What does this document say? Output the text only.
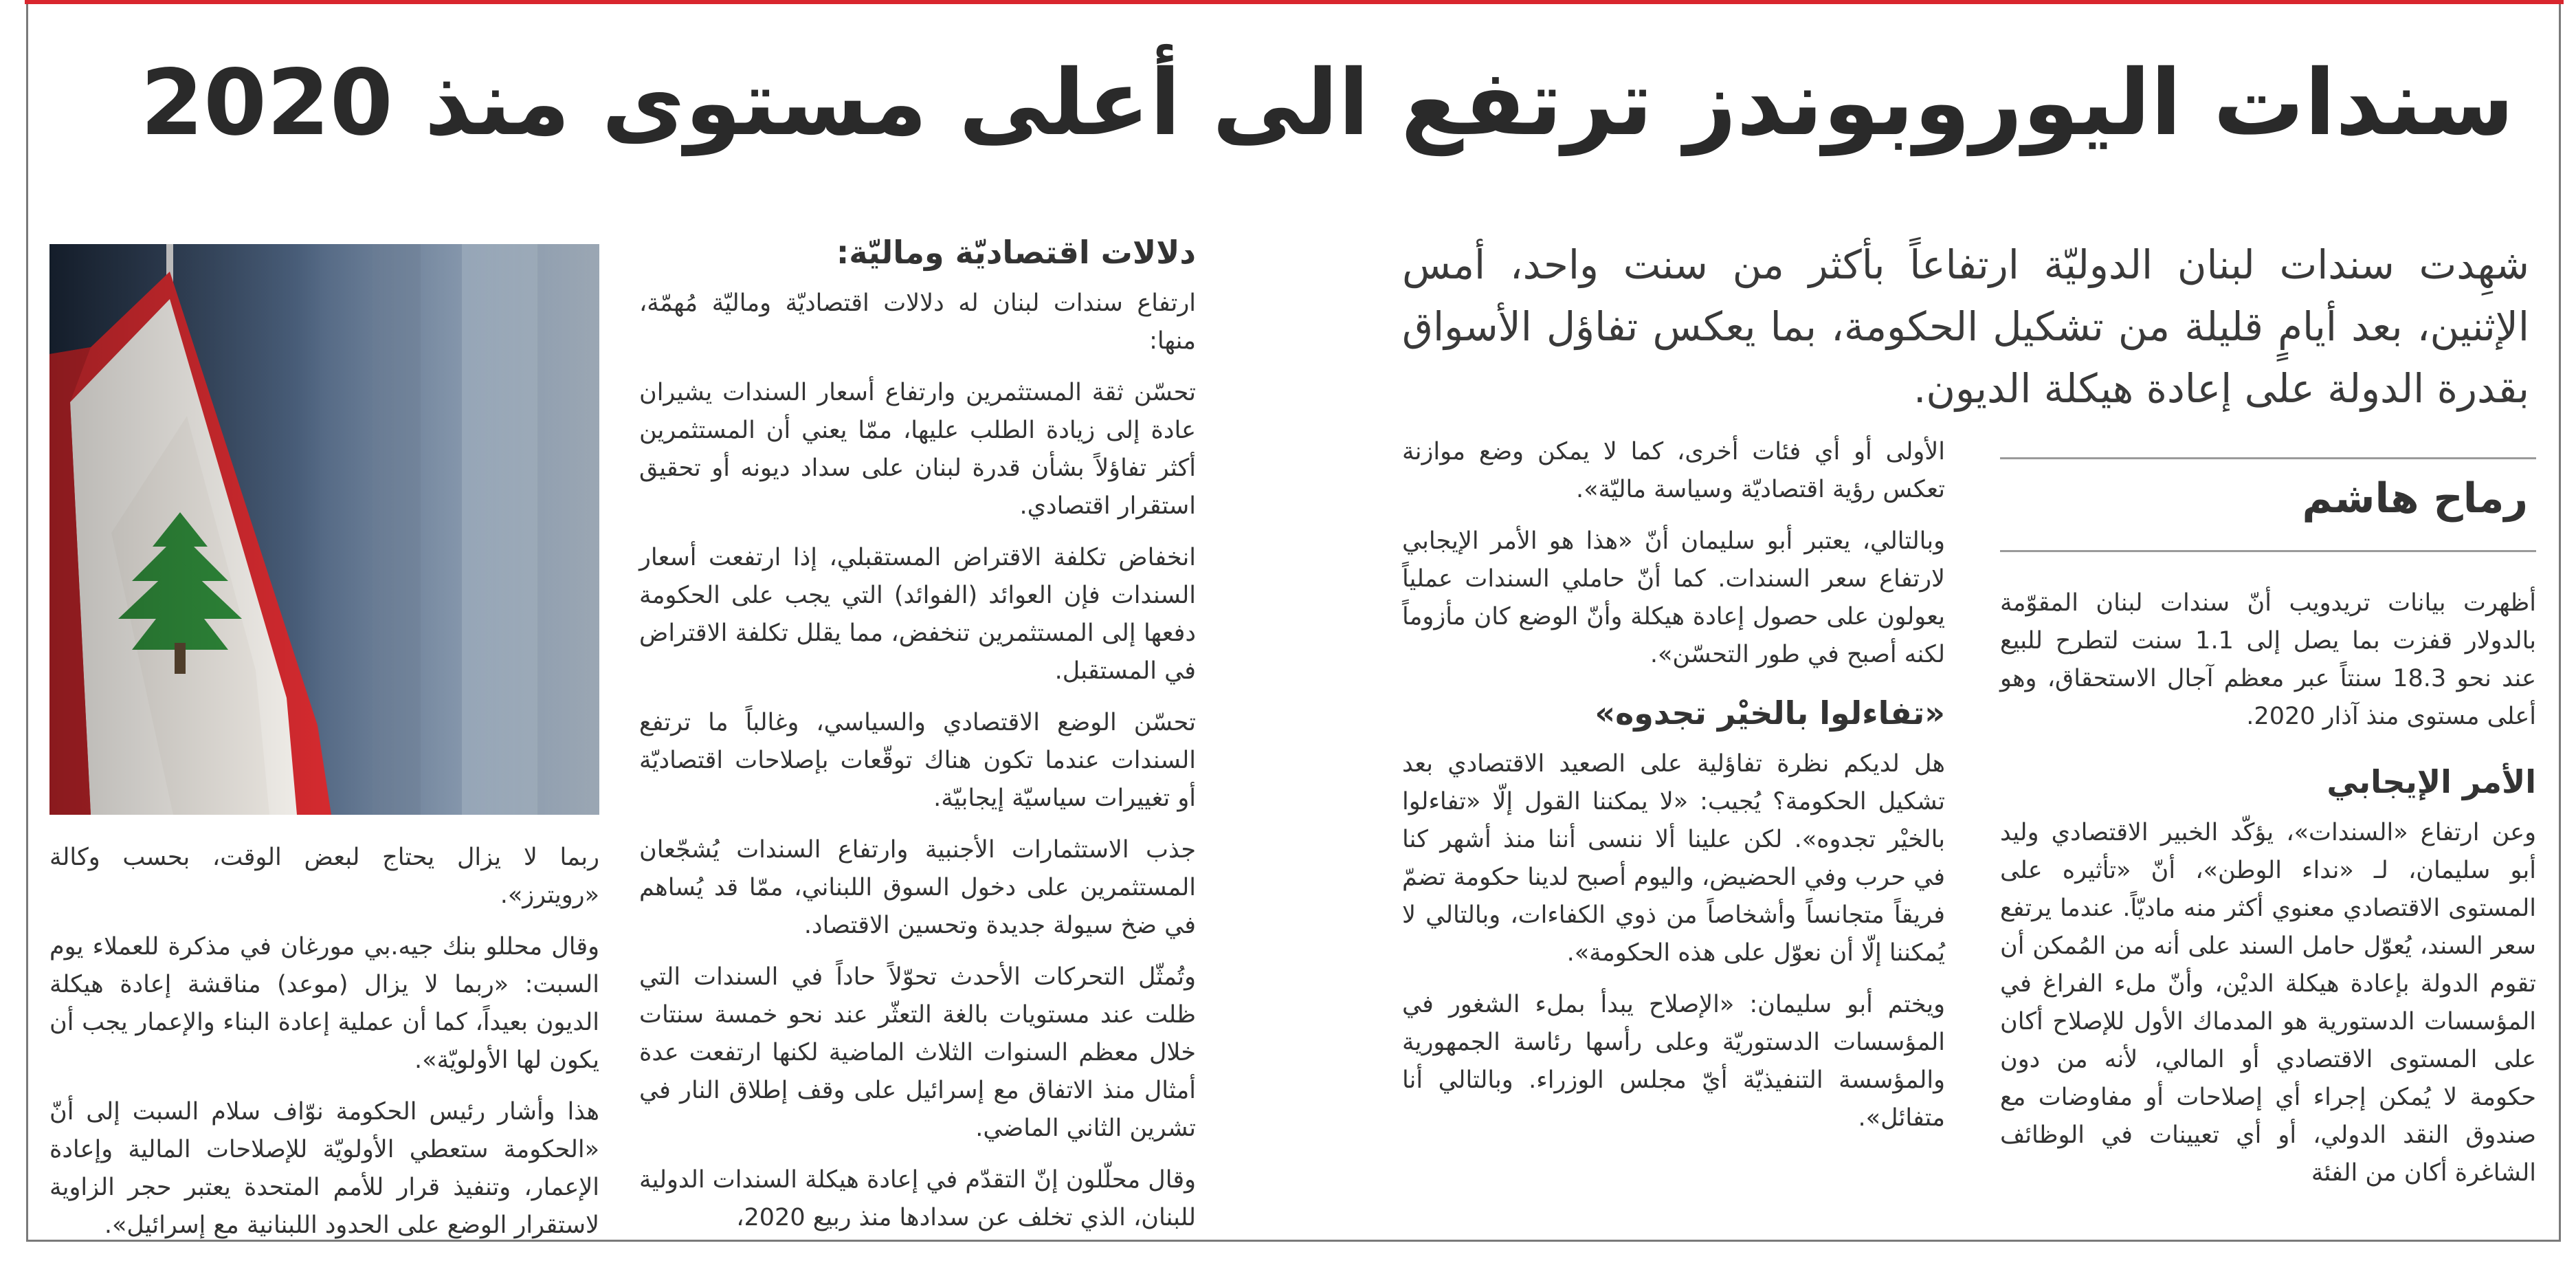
سندات اليوروبوندز ترتفع الى أعلى مستوى منذ 2020

شهِدت سندات لبنان الدوليّة ارتفاعاً بأكثر من سنت واحد، أمس الإثنين، بعد أيامٍ قليلة من تشكيل الحكومة، بما يعكس تفاؤل الأسواق بقدرة الدولة على إعادة هيكلة الديون.

رماح هاشم

أظهرت بيانات تريدويب أنّ سندات لبنان المقوّمة بالدولار قفزت بما يصل إلى 1.1 سنت لتطرح للبيع عند نحو 18.3 سنتاً عبر معظم آجال الاستحقاق، وهو أعلى مستوى منذ آذار 2020.

الأمر الإيجابي

وعن ارتفاع «السندات»، يؤكّد الخبير الاقتصادي وليد أبو سليمان، لـ «نداء الوطن»، أنّ «تأثيره على المستوى الاقتصادي معنوي أكثر منه ماديّاً. عندما يرتفع سعر السند، يُعوّل حامل السند على أنه من المُمكن أن تقوم الدولة بإعادة هيكلة الديْن، وأنّ ملء الفراغ في المؤسسات الدستورية هو المدماك الأول للإصلاح أكان على المستوى الاقتصادي أو المالي، لأنه من دون حكومة لا يُمكن إجراء أي إصلاحات أو مفاوضات مع صندوق النقد الدولي، أو أي تعيينات في الوظائف الشاغرة أكان من الفئة

الأولى أو أي فئات أخرى، كما لا يمكن وضع موازنة تعكس رؤية اقتصاديّة وسياسة ماليّة».

وبالتالي، يعتبر أبو سليمان أنّ «هذا هو الأمر الإيجابي لارتفاع سعر السندات. كما أنّ حاملي السندات عملياً يعولون على حصول إعادة هيكلة وأنّ الوضع كان مأزوماً لكنه أصبح في طور التحسّن».

«تفاءلوا بالخيْر تجدوه»

هل لديكم نظرة تفاؤلية على الصعيد الاقتصادي بعد تشكيل الحكومة؟ يُجيب: «لا يمكننا القول إلّا «تفاءلوا بالخيْر تجدوه». لكن علينا ألا ننسى أننا منذ أشهر كنا في حرب وفي الحضيض، واليوم أصبح لدينا حكومة تضمّ فريقاً متجانساً وأشخاصاً من ذوي الكفاءات، وبالتالي لا يُمكننا إلّا أن نعوّل على هذه الحكومة».

ويختم أبو سليمان: «الإصلاح يبدأ بملء الشغور في المؤسسات الدستوريّة وعلى رأسها رئاسة الجمهورية والمؤسسة التنفيذيّة أيّ مجلس الوزراء. وبالتالي أنا متفائل».

دلالات اقتصاديّة وماليّة:

ارتفاع سندات لبنان له دلالات اقتصاديّة وماليّة مُهمّة، منها:

تحسّن ثقة المستثمرين وارتفاع أسعار السندات يشيران عادة إلى زيادة الطلب عليها، ممّا يعني أن المستثمرين أكثر تفاؤلاً بشأن قدرة لبنان على سداد ديونه أو تحقيق استقرار اقتصادي.

انخفاض تكلفة الاقتراض المستقبلي، إذا ارتفعت أسعار السندات فإن العوائد (الفوائد) التي يجب على الحكومة دفعها إلى المستثمرين تنخفض، مما يقلل تكلفة الاقتراض في المستقبل.

تحسّن الوضع الاقتصادي والسياسي، وغالباً ما ترتفع السندات عندما تكون هناك توقّعات بإصلاحات اقتصاديّة أو تغييرات سياسيّة إيجابيّة.

جذب الاستثمارات الأجنبية وارتفاع السندات يُشجّعان المستثمرين على دخول السوق اللبناني، ممّا قد يُساهم في ضخ سيولة جديدة وتحسين الاقتصاد.

وتُمثّل التحركات الأحدث تحوّلاً حاداً في السندات التي ظلت عند مستويات بالغة التعثّر عند نحو خمسة سنتات خلال معظم السنوات الثلاث الماضية لكنها ارتفعت عدة أمثال منذ الاتفاق مع إسرائيل على وقف إطلاق النار في تشرين الثاني الماضي.

وقال محلّلون إنّ التقدّم في إعادة هيكلة السندات الدولية للبنان، الذي تخلف عن سدادها منذ ربيع 2020،

ربما لا يزال يحتاج لبعض الوقت، بحسب وكالة «رويترز».

وقال محللو بنك جيه.بي مورغان في مذكرة للعملاء يوم السبت: «ربما لا يزال (موعد) مناقشة إعادة هيكلة الديون بعيداً، كما أن عملية إعادة البناء والإعمار يجب أن يكون لها الأولويّة».

هذا وأشار رئيس الحكومة نوّاف سلام السبت إلى أنّ «الحكومة ستعطي الأولويّة للإصلاحات المالية وإعادة الإعمار، وتنفيذ قرار للأمم المتحدة يعتبر حجر الزاوية لاستقرار الوضع على الحدود اللبنانية مع إسرائيل».
